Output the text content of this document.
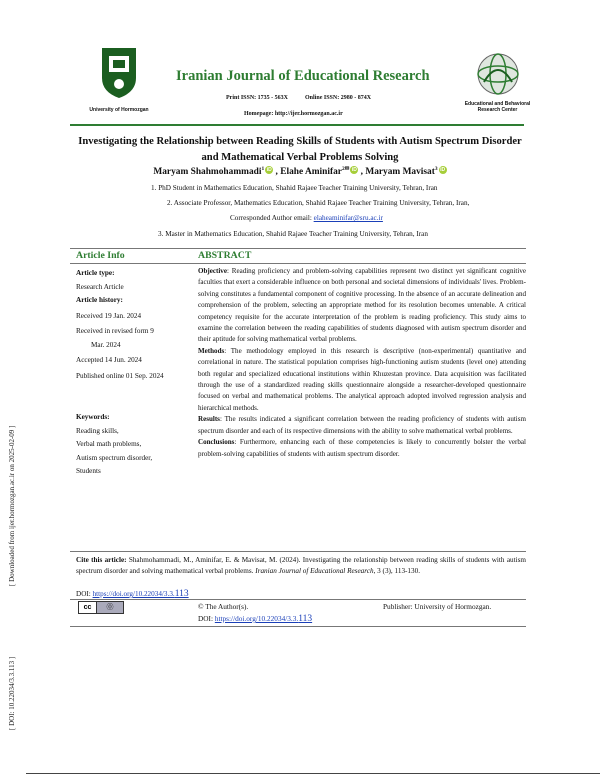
[ Downloaded from ijer.hormozgan.ac.ir on 2025-02-09 ]
[ DOI: 10.22034/3.3.113 ]
University of Hormozgan
Iranian Journal of Educational Research
Print ISSN: 1735 - 563X	Online ISSN: 2980 - 874X
Homepage: http://ijer.hormozgan.ac.ir
Educational and Behavioral
Research Center
Investigating the Relationship between Reading Skills of Students with Autism Spectrum Disorder
and Mathematical Verbal Problems Solving
Maryam Shahmohammadi$^1$ iD , Elahe Aminifar$^{2✉}$ iD , Maryam Mavisat$^3$ iD
1. PhD Student in Mathematics Education, Shahid Rajaee Teacher Training University, Tehran, Iran
2. Associate Professor, Mathematics Education, Shahid Rajaee Teacher Training University, Tehran, Iran,
Corresponded Author email: elaheaminifar@sru.ac.ir
3. Master in Mathematics Education, Shahid Rajaee Teacher Training University, Tehran, Iran
Article Info	ABSTRACT
Article type:
Research Article
Article history:
Received 19 Jan. 2024
Received in revised form 9
Mar. 2024
Accepted 14 Jun. 2024
Published online 01 Sep. 2024
Keywords:
Reading skills,
Verbal math problems,
Autism spectrum disorder,
Students

Objective: Reading proficiency and problem-solving capabilities represent two distinct yet significant cognitive faculties that exert a considerable influence on both personal and societal dimensions of individuals' lives. Problem-solving constitutes a fundamental component of cognitive processing. In the absence of an accurate delineation and comprehension of the problem, selecting an appropriate method for its resolution becomes untenable. A critical competency requisite for the accurate interpretation of the problem is reading proficiency. This study aims to examine the correlation between the reading capabilities of students diagnosed with autism spectrum disorder and their aptitude for solving mathematical verbal problems.

Methods: The methodology employed in this research is descriptive (non-experimental) quantitative and correlational in nature. The statistical population comprises high-functioning autism students (level one) attending both regular and specialized educational institutions within Khuzestan province. Data acquisition was facilitated through the use of a standardized reading skills questionnaire alongside a researcher-developed questionnaire focused on verbal and mathematical problems. The analytical approach adopted involved regression analysis and hierarchical methods.

Results: The results indicated a significant correlation between the reading proficiency of students with autism spectrum disorder and each of its respective dimensions with the ability to solve mathematical verbal problems.

Conclusions: Furthermore, enhancing each of these competencies is likely to concurrently bolster the verbal problem-solving capabilities of students with autism spectrum disorder.

Cite this article: Shahmohammadi, M., Aminifar, E. & Mavisat, M. (2024). Investigating the relationship between reading skills of students with autism spectrum disorder and solving mathematical verbal problems. Iranian Journal of Educational Research, 3 (3), 113-130.
DOI: https://doi.org/10.22034/3.3.113
cc	⓪	© The Author(s).	Publisher: University of Hormozgan.
DOI: https://doi.org/10.22034/3.3.113
